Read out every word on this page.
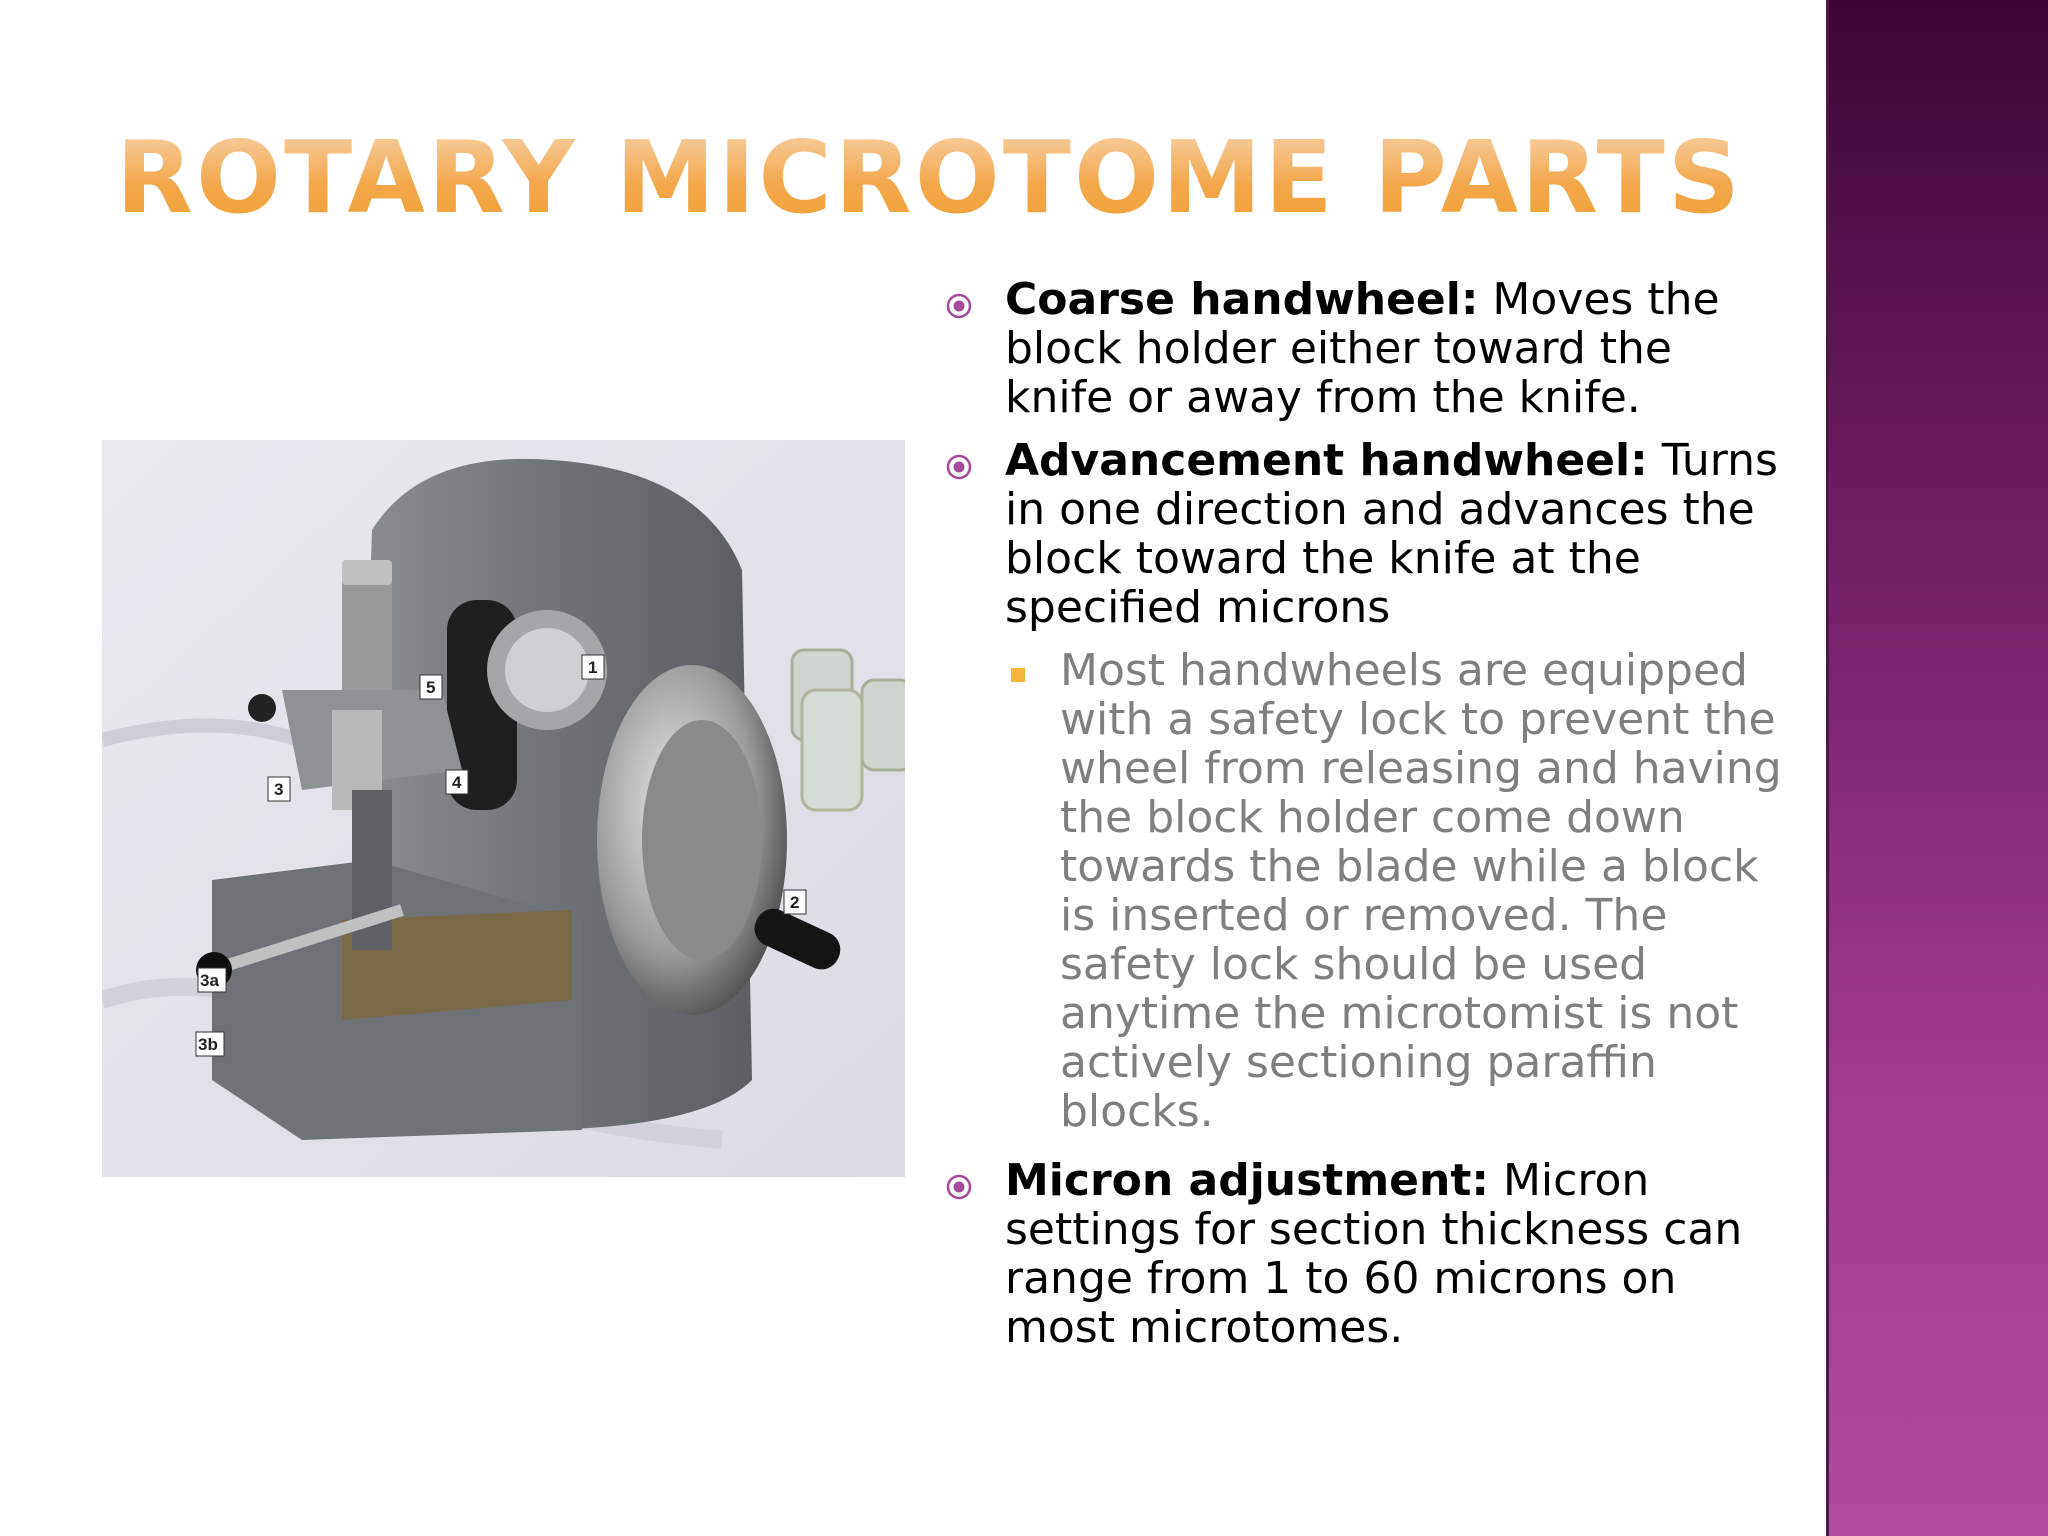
ROTARY MICROTOME PARTS
1
5
4
3
2
3a
3b
Coarse handwheel: Moves the block holder either toward the knife or away from the knife.
Advancement handwheel: Turns in one direction and advances the block toward the knife at the specified microns
Most handwheels are equipped with a safety lock to prevent the wheel from releasing and having the block holder come down towards the blade while a block is inserted or removed. The safety lock should be used anytime the microtomist is not actively sectioning paraffin blocks.
Micron adjustment: Micron settings for section thickness can range from 1 to 60 microns on most microtomes.
